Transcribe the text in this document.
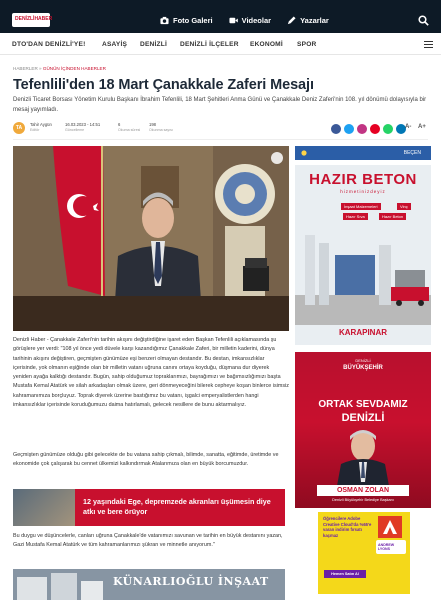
DENİZLİHABER	Foto Galeri	Videolar	Yazarlar
DTO'DAN DENİZLİ'YE!	ASAYİŞ DENİZLİ DENİZLİ İLÇELER EKONOMİ SPOR
HABERLER » GÜNÜN İÇİNDEN HABERLER
Tefenlili'den 18 Mart Çanakkale Zaferi Mesajı

Denizli Ticaret Borsası Yönetim Kurulu Başkanı İbrahim Tefenlili, 18 Mart Şehitleri Anma Günü ve Çanakkale Deniz Zaferi'nin 108. yıl dönümü dolayısıyla bir mesaj yayımladı.

TA
Tahir Aygün
Editör
16.03.2023 - 14:51
Güncelleme
6
Okuma süresi
198
Okunma sayısı	A- A+

Denizli Haber - Çanakkale Zaferi'nin tarihin akışını değiştirdiğine işaret eden Başkan Tefenlili açıklamasında şu görüşlere yer verdi: "108 yıl önce yedi düvele karşı kazandığımız Çanakkale Zaferi, bir milletin kaderini, dünya tarihinin akışını değiştiren, geçmişten günümüze eşi benzeri olmayan destandır. Bu destan, imkansızlıklar içerisinde, yok olmanın eşiğinde olan bir milletin vatanı uğruna canını ortaya koyduğu, düşmana dur diyerek yeniden ayağa kalktığı destandır. Bugün, sahip olduğumuz toprakları​mızı, bayrağımızı ve bağımsızlığımızı başta Mustafa Kemal Atatürk ve silah arkadaşları olmak üzere, geri dönmeyeceğini bilerek cepheye koşan binlerce isimsiz kahramanımıza borçluyuz. Toprak diyerek üzerine bastığımız bu vatanı, işgalci emperyalistlerden hangi imkansızlıklar içerisinde koruduğumuzu daima hatırlamalı, gelecek nesillere de bunu aktarmalıyız.

Geçmişten günümüze olduğu gibi gelecekte de bu vatana sahip çıkmalı, bilimde, sanatta, eğitimde, üretimde ve ekonomide çok çalışarak bu cennet ülkemizi kalkındırmak Atalarımıza olan en büyük borcumuzdur.

12 yaşındaki Ege, depremzede akranları üşümesin diye atkı ve bere örüyor

Bu duygu ve düşüncelerle, canları uğruna Çanakkale'de vatanımızı savunan ve tarihin en büyük destanını yazan, Gazi Mustafa Kemal Atatürk ve tüm kahramanlarımızı şükran ve minnetle anıyorum."

KÜNARLIOĞLU İNŞAAT
BEÇEN
HAZIR BETON
hizmetinizdeyiz
İnşaat Malzemeleri	Vinç
Hazır Sıva	Hazır Beton
KARAPINAR
DENİZLİ
BÜYÜKŞEHİR
ORTAK SEVDAMIZ
DENİZLİ
OSMAN ZOLAN
Denizli Büyükşehir Belediye Başkanı
Öğrencilere Adobe Creative Cloud'da %65'e varan indirim fırsatı kaçmaz
ANDREW LYONS
Hemen Satın Al
